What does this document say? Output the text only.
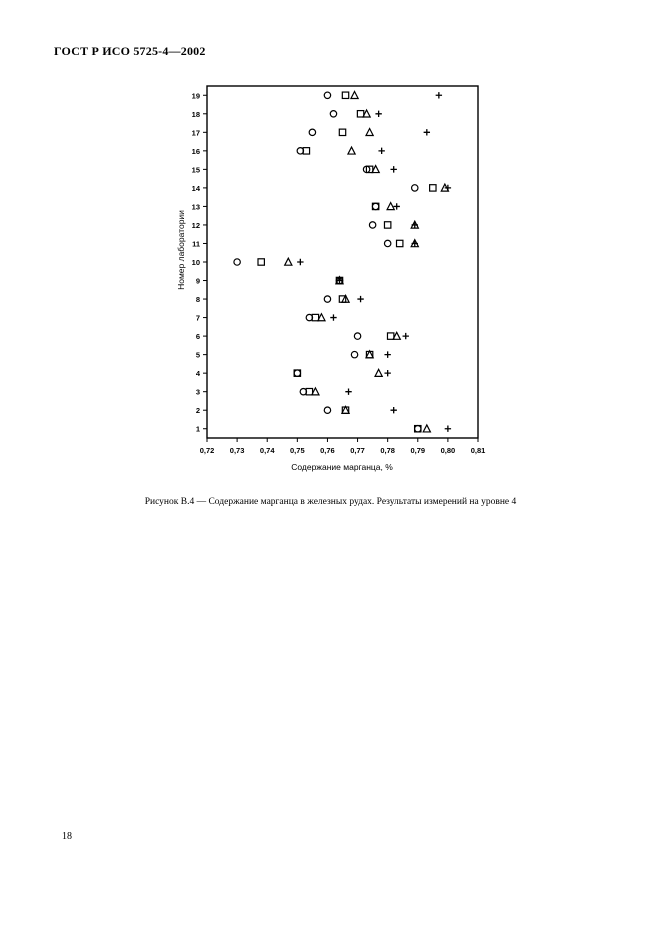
ГОСТ Р ИСО 5725-4—2002
0,72 0,73 0,74 0,75 0,76 0,77 0,78 0,79 0,80 0,81
1
2
3
4
5
6
7
8
9
10
11
12
13
14
15
16
17
18
19
Содержание марганца, %
Номер лаборатории
Рисунок В.4 — Содержание марганца в железных рудах. Результаты измерений на уровне 4
18
